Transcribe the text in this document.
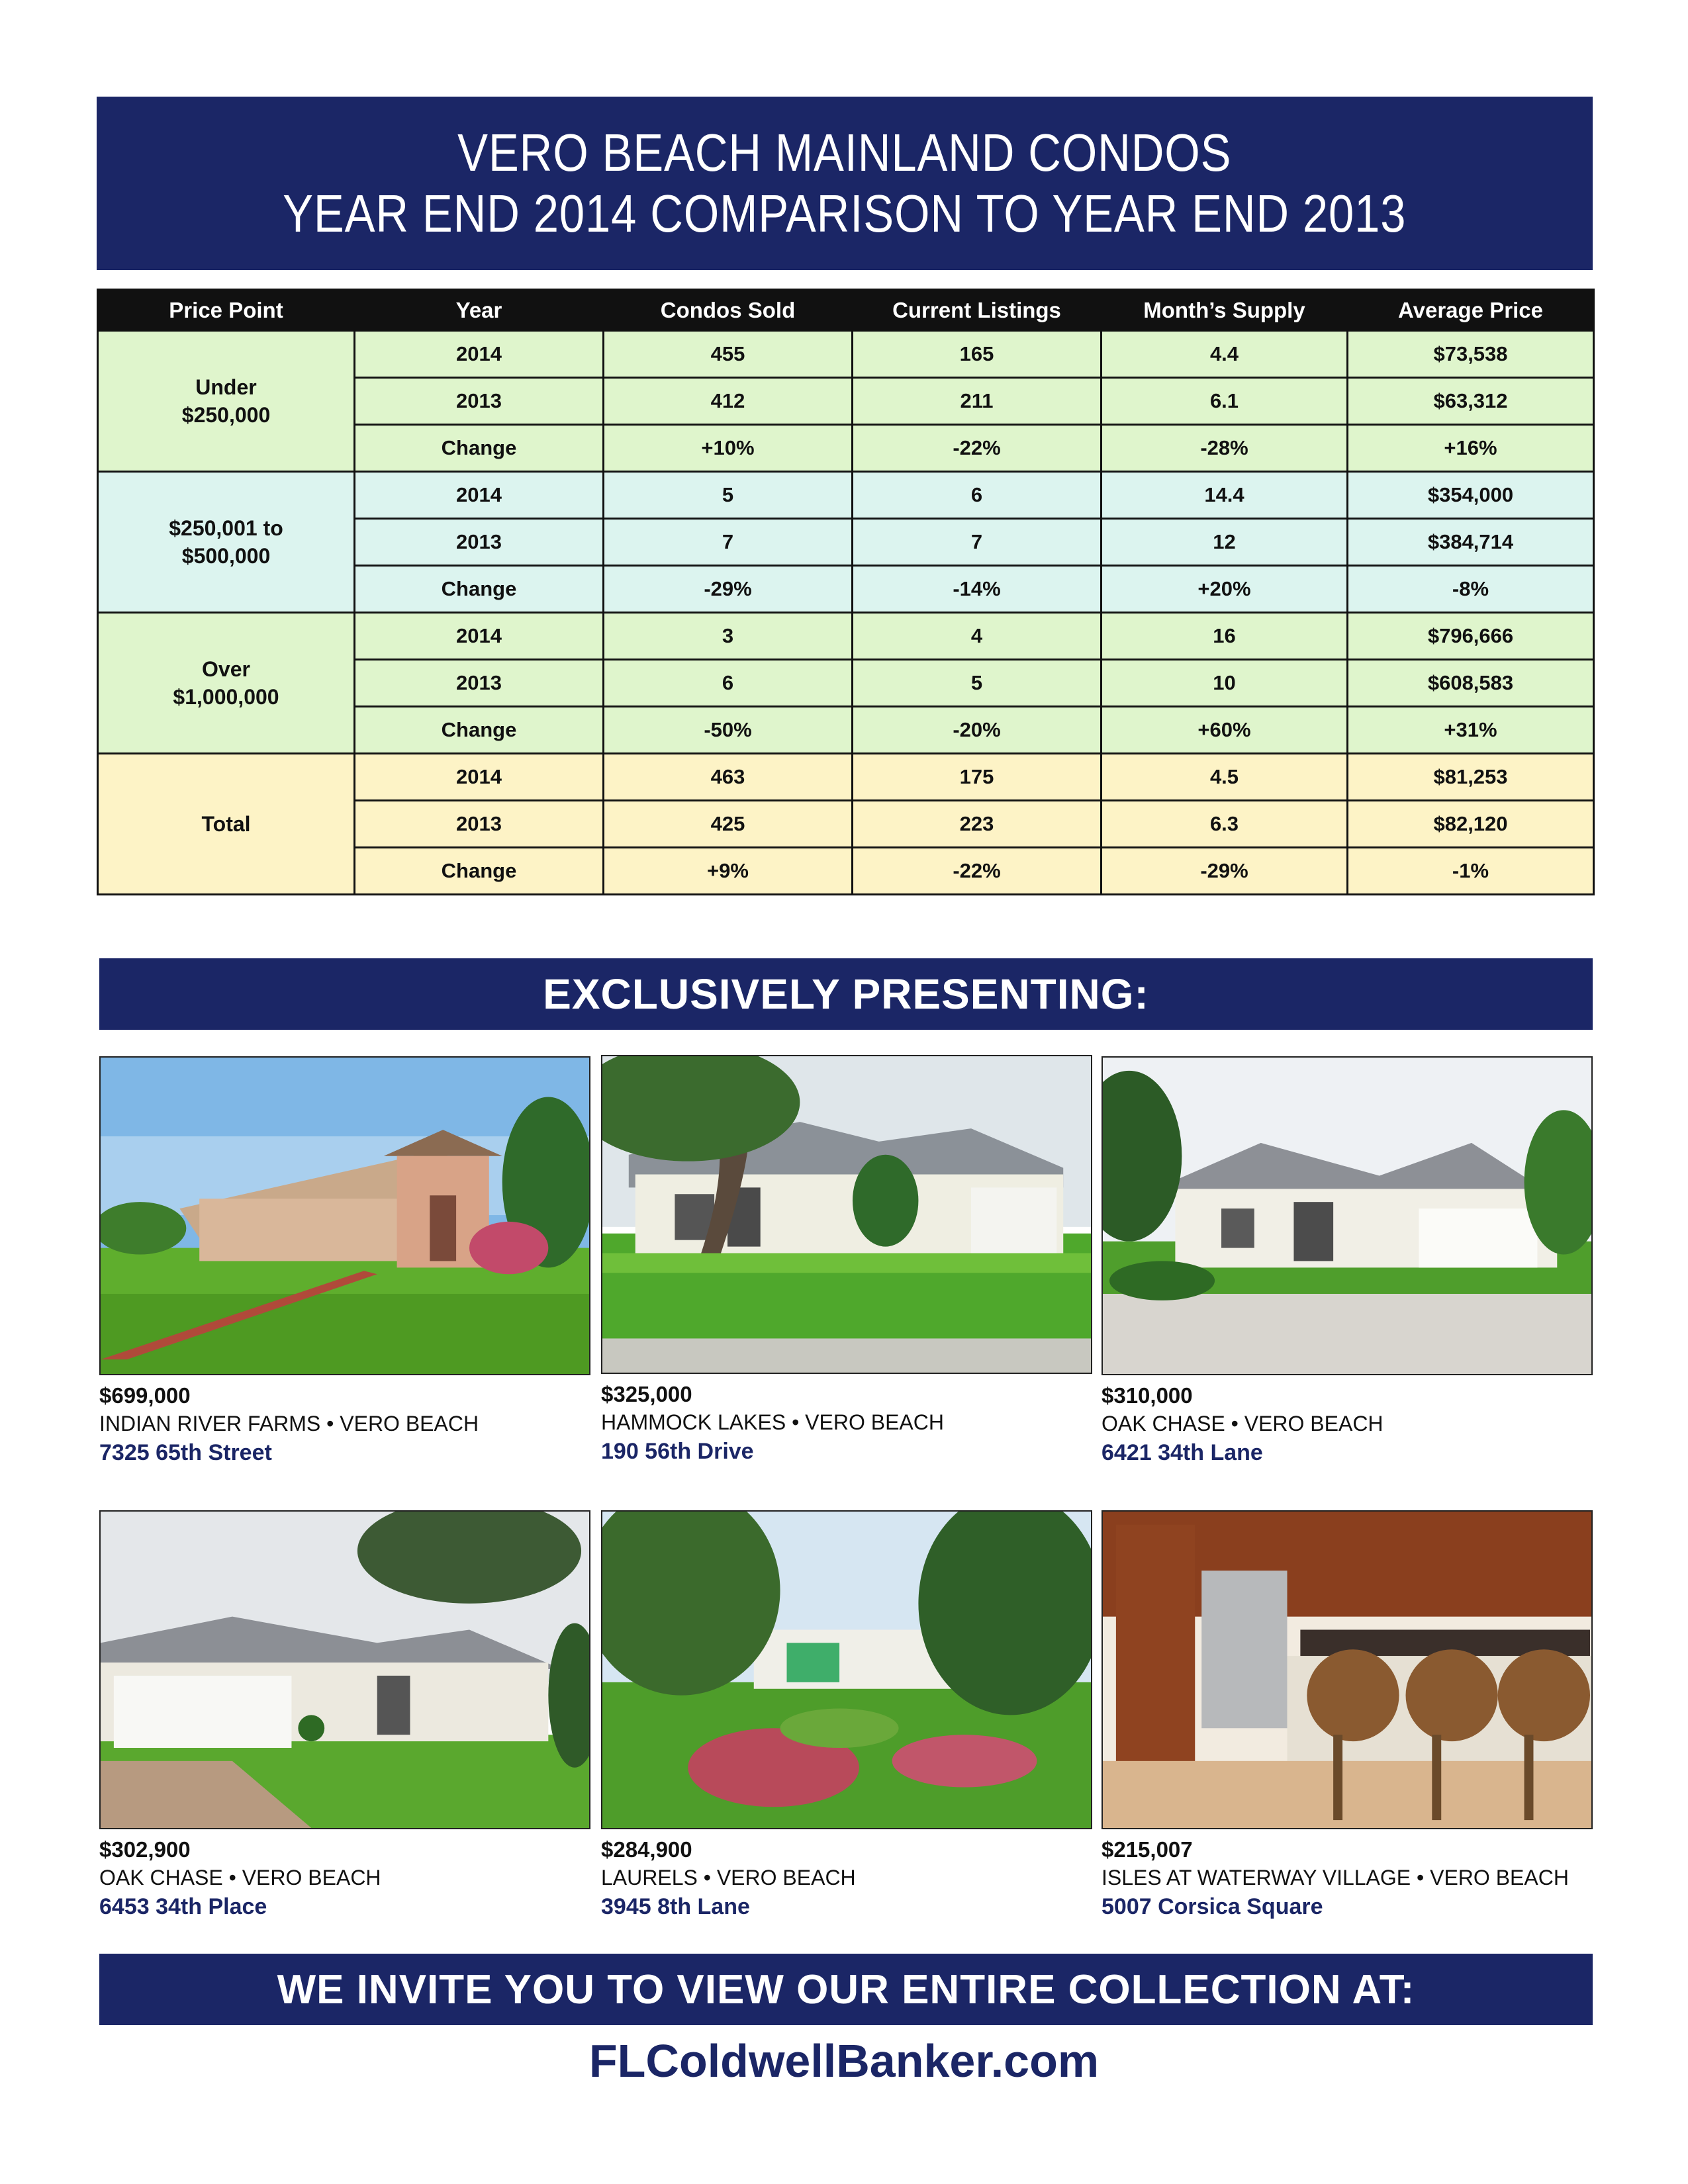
VERO BEACH MAINLAND CONDOS
YEAR END 2014 COMPARISON TO YEAR END 2013
Price Point	Year	Condos Sold	Current Listings	Month’s Supply	Average Price

Under
$250,000	2014	455	165	4.4	$73,538
	2013	412	211	6.1	$63,312
	Change	+10%	-22%	-28%	+16%

$250,001 to
$500,000	2014	5	6	14.4	$354,000
	2013	7	7	12	$384,714
	Change	-29%	-14%	+20%	-8%

Over
$1,000,000	2014	3	4	16	$796,666
	2013	6	5	10	$608,583
	Change	-50%	-20%	+60%	+31%

Total	2014	463	175	4.5	$81,253
	2013	425	223	6.3	$82,120
	Change	+9%	-22%	-29%	-1%
EXCLUSIVELY PRESENTING:
$699,000
INDIAN RIVER FARMS • VERO BEACH
7325 65th Street
$325,000
HAMMOCK LAKES • VERO BEACH
190 56th Drive
$310,000
OAK CHASE • VERO BEACH
6421 34th Lane
$302,900
OAK CHASE • VERO BEACH
6453 34th Place
$284,900
LAURELS • VERO BEACH
3945 8th Lane
$215,007
ISLES AT WATERWAY VILLAGE • VERO BEACH
5007 Corsica Square
WE INVITE YOU TO VIEW OUR ENTIRE COLLECTION AT:
FLColdwellBanker.com
